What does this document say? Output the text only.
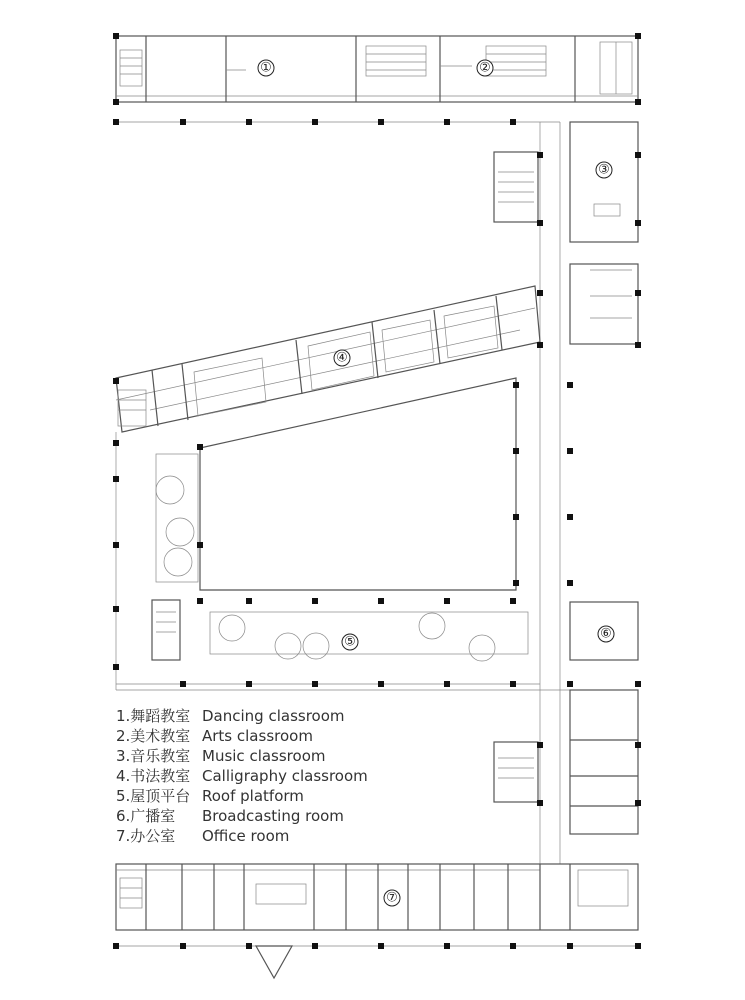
①	②
③
④
⑤
⑥
⑦
1.舞蹈教室 Dancing classroom
2.美术教室 Arts classroom
3.音乐教室 Music classroom
4.书法教室 Calligraphy classroom
5.屋顶平台 Roof platform
6.广播室	Broadcasting room
7.办公室	Office room
